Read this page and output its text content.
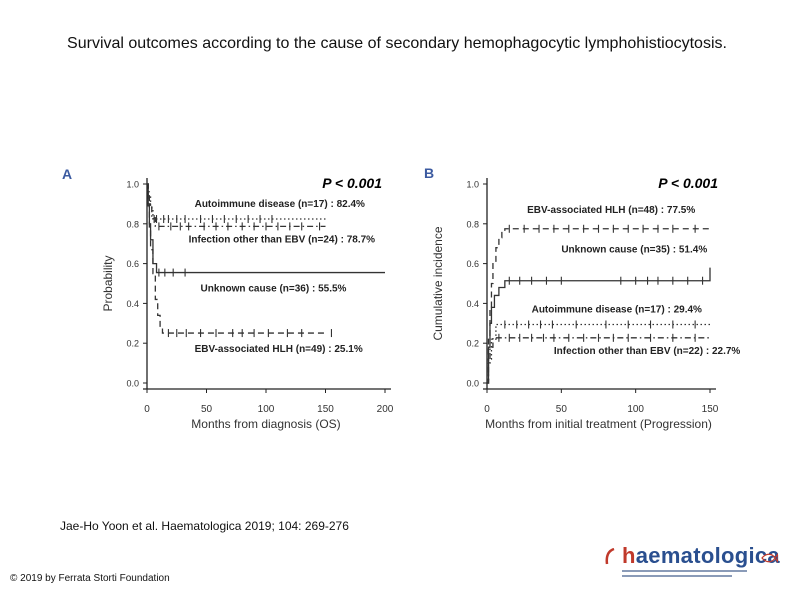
Survival outcomes according to the cause of secondary hemophagocytic lymphohistiocytosis.
A
P < 0.001
0.0
0.2
0.4
0.6
0.8
1.0
0	50	100	150	200
Months from diagnosis (OS)
Probability
Autoimmune disease (n=17) : 82.4%
Infection other than EBV (n=24) : 78.7%
Unknown cause (n=36) : 55.5%
EBV-associated HLH (n=49) : 25.1%
B
P < 0.001
0.0
0.2
0.4
0.6
0.8
1.0
0	50	100	150
Months from initial treatment (Progression)
Cumulative incidence
EBV-associated HLH (n=48) : 77.5%
Unknown cause (n=35) : 51.4%
Autoimmune disease (n=17) : 29.4%
Infection other than EBV (n=22) : 22.7%
Jae-Ho Yoon et al. Haematologica 2019; 104: 269-276
haematologica
© 2019 by Ferrata Storti Foundation
